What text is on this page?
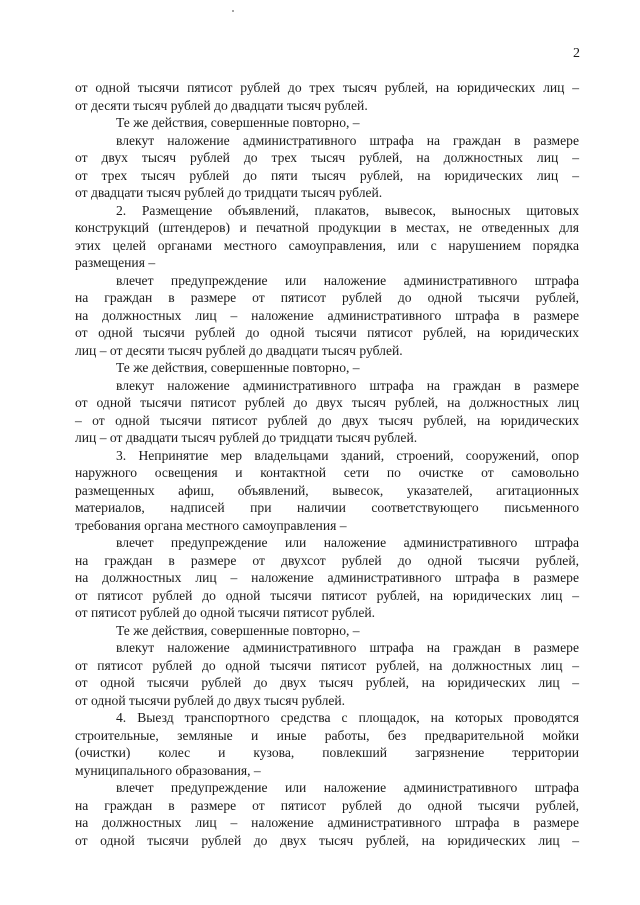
2
от одной тысячи пятисот рублей до трех тысяч рублей, на юридических лиц –
от десяти тысяч рублей до двадцати тысяч рублей.
Те же действия, совершенные повторно, –
влекут наложение административного штрафа на граждан в размере
от двух тысяч рублей до трех тысяч рублей, на должностных лиц –
от трех тысяч рублей до пяти тысяч рублей, на юридических лиц –
от двадцати тысяч рублей до тридцати тысяч рублей.
2. Размещение объявлений, плакатов, вывесок, выносных щитовых
конструкций (штендеров) и печатной продукции в местах, не отведенных для
этих целей органами местного самоуправления, или с нарушением порядка
размещения –
влечет предупреждение или наложение административного штрафа
на граждан в размере от пятисот рублей до одной тысячи рублей,
на должностных лиц – наложение административного штрафа в размере
от одной тысячи рублей до одной тысячи пятисот рублей, на юридических
лиц – от десяти тысяч рублей до двадцати тысяч рублей.
Те же действия, совершенные повторно, –
влекут наложение административного штрафа на граждан в размере
от одной тысячи пятисот рублей до двух тысяч рублей, на должностных лиц
– от одной тысячи пятисот рублей до двух тысяч рублей, на юридических
лиц – от двадцати тысяч рублей до тридцати тысяч рублей.
3. Непринятие мер владельцами зданий, строений, сооружений, опор
наружного освещения и контактной сети по очистке от самовольно
размещенных афиш, объявлений, вывесок, указателей, агитационных
материалов, надписей при наличии соответствующего письменного
требования органа местного самоуправления –
влечет предупреждение или наложение административного штрафа
на граждан в размере от двухсот рублей до одной тысячи рублей,
на должностных лиц – наложение административного штрафа в размере
от пятисот рублей до одной тысячи пятисот рублей, на юридических лиц –
от пятисот рублей до одной тысячи пятисот рублей.
Те же действия, совершенные повторно, –
влекут наложение административного штрафа на граждан в размере
от пятисот рублей до одной тысячи пятисот рублей, на должностных лиц –
от одной тысячи рублей до двух тысяч рублей, на юридических лиц –
от одной тысячи рублей до двух тысяч рублей.
4. Выезд транспортного средства с площадок, на которых проводятся
строительные, земляные и иные работы, без предварительной мойки
(очистки) колес и кузова, повлекший загрязнение территории
муниципального образования, –
влечет предупреждение или наложение административного штрафа
на граждан в размере от пятисот рублей до одной тысячи рублей,
на должностных лиц – наложение административного штрафа в размере
от одной тысячи рублей до двух тысяч рублей, на юридических лиц –
